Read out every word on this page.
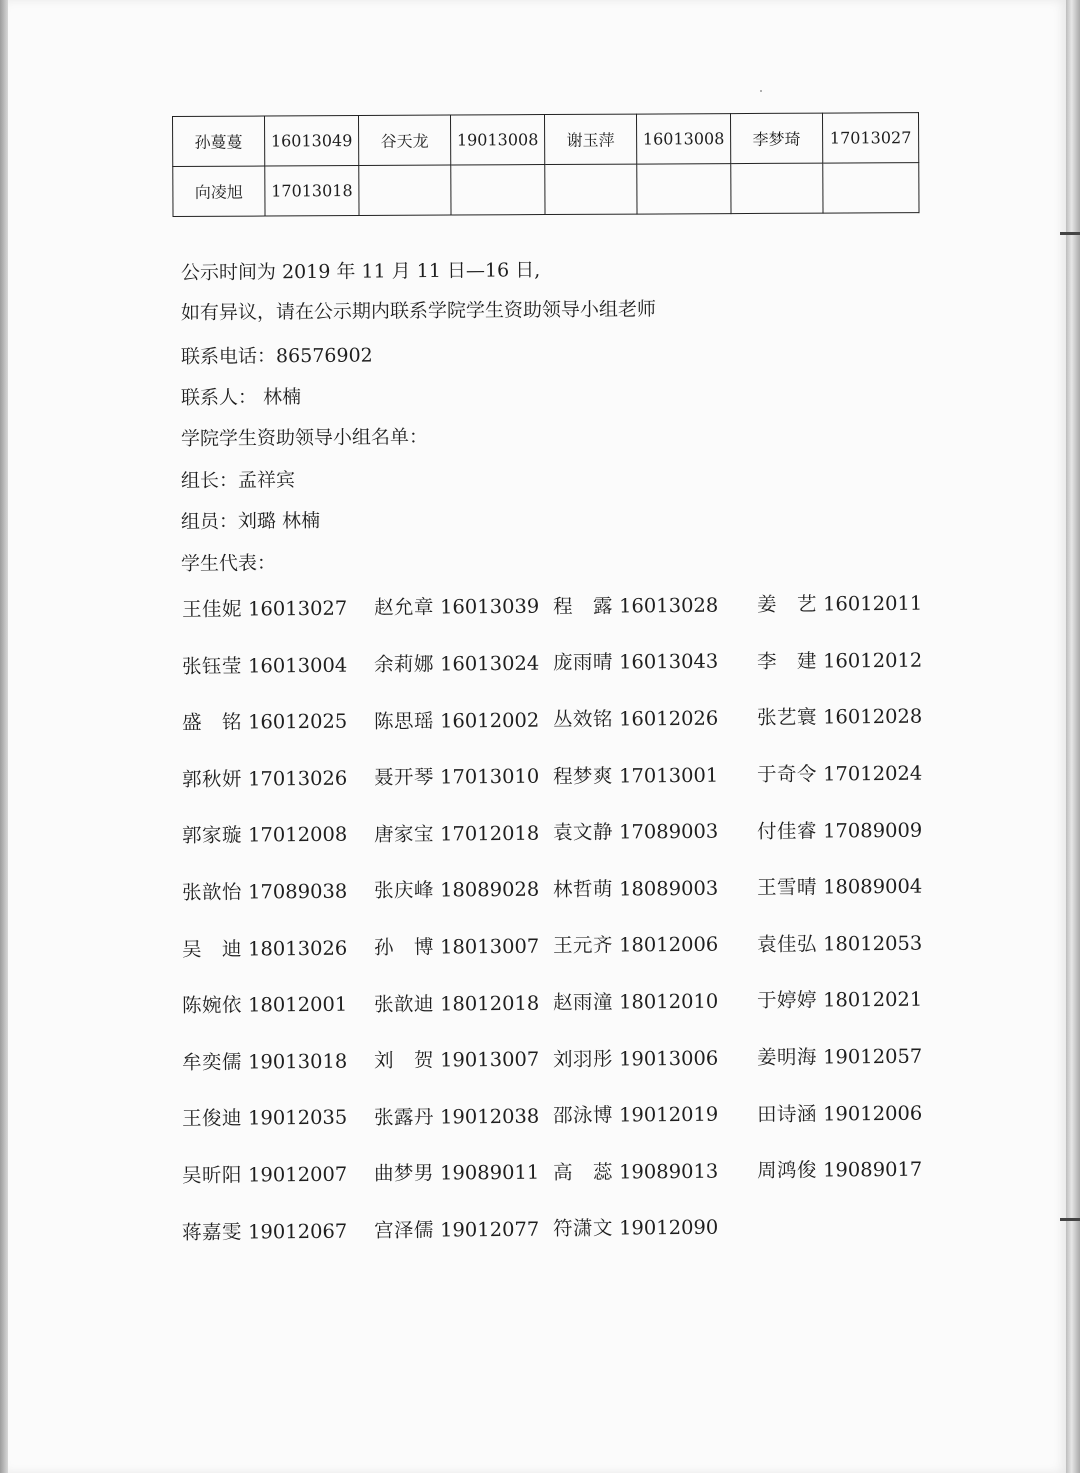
孙蔓蔓	16013049	谷天龙	19013008	谢玉萍	16013008	李梦琦	17013027
向凌旭	17013018						
公示时间为 2019 年 11 月 11 日—16 日,
如有异议，请在公示期内联系学院学生资助领导小组老师
联系电话：86576902
联系人： 林楠
学院学生资助领导小组名单：
组长：孟祥宾
组员：刘璐 林楠
学生代表：
王佳妮 16013027 赵允章 16013039 程　露 16013028 姜　艺 16012011
张钰莹 16013004 余莉娜 16013024 庞雨晴 16013043 李　建 16012012
盛　铭 16012025 陈思瑶 16012002 丛效铭 16012026 张艺寰 16012028
郭秋妍 17013026 聂开琴 17013010 程梦爽 17013001 于奇令 17012024
郭家璇 17012008 唐家宝 17012018 袁文静 17089003 付佳睿 17089009
张歆怡 17089038 张庆峰 18089028 林哲萌 18089003 王雪晴 18089004
吴　迪 18013026 孙　博 18013007 王元齐 18012006 袁佳弘 18012053
陈婉依 18012001 张歆迪 18012018 赵雨潼 18012010 于婷婷 18012021
牟奕儒 19013018 刘　贺 19013007 刘羽彤 19013006 姜明海 19012057
王俊迪 19012035 张露丹 19012038 邵泳博 19012019 田诗涵 19012006
吴昕阳 19012007 曲梦男 19089011 高　蕊 19089013 周鸿俊 19089017
蒋嘉雯 19012067 宫泽儒 19012077 符潇文 19012090
